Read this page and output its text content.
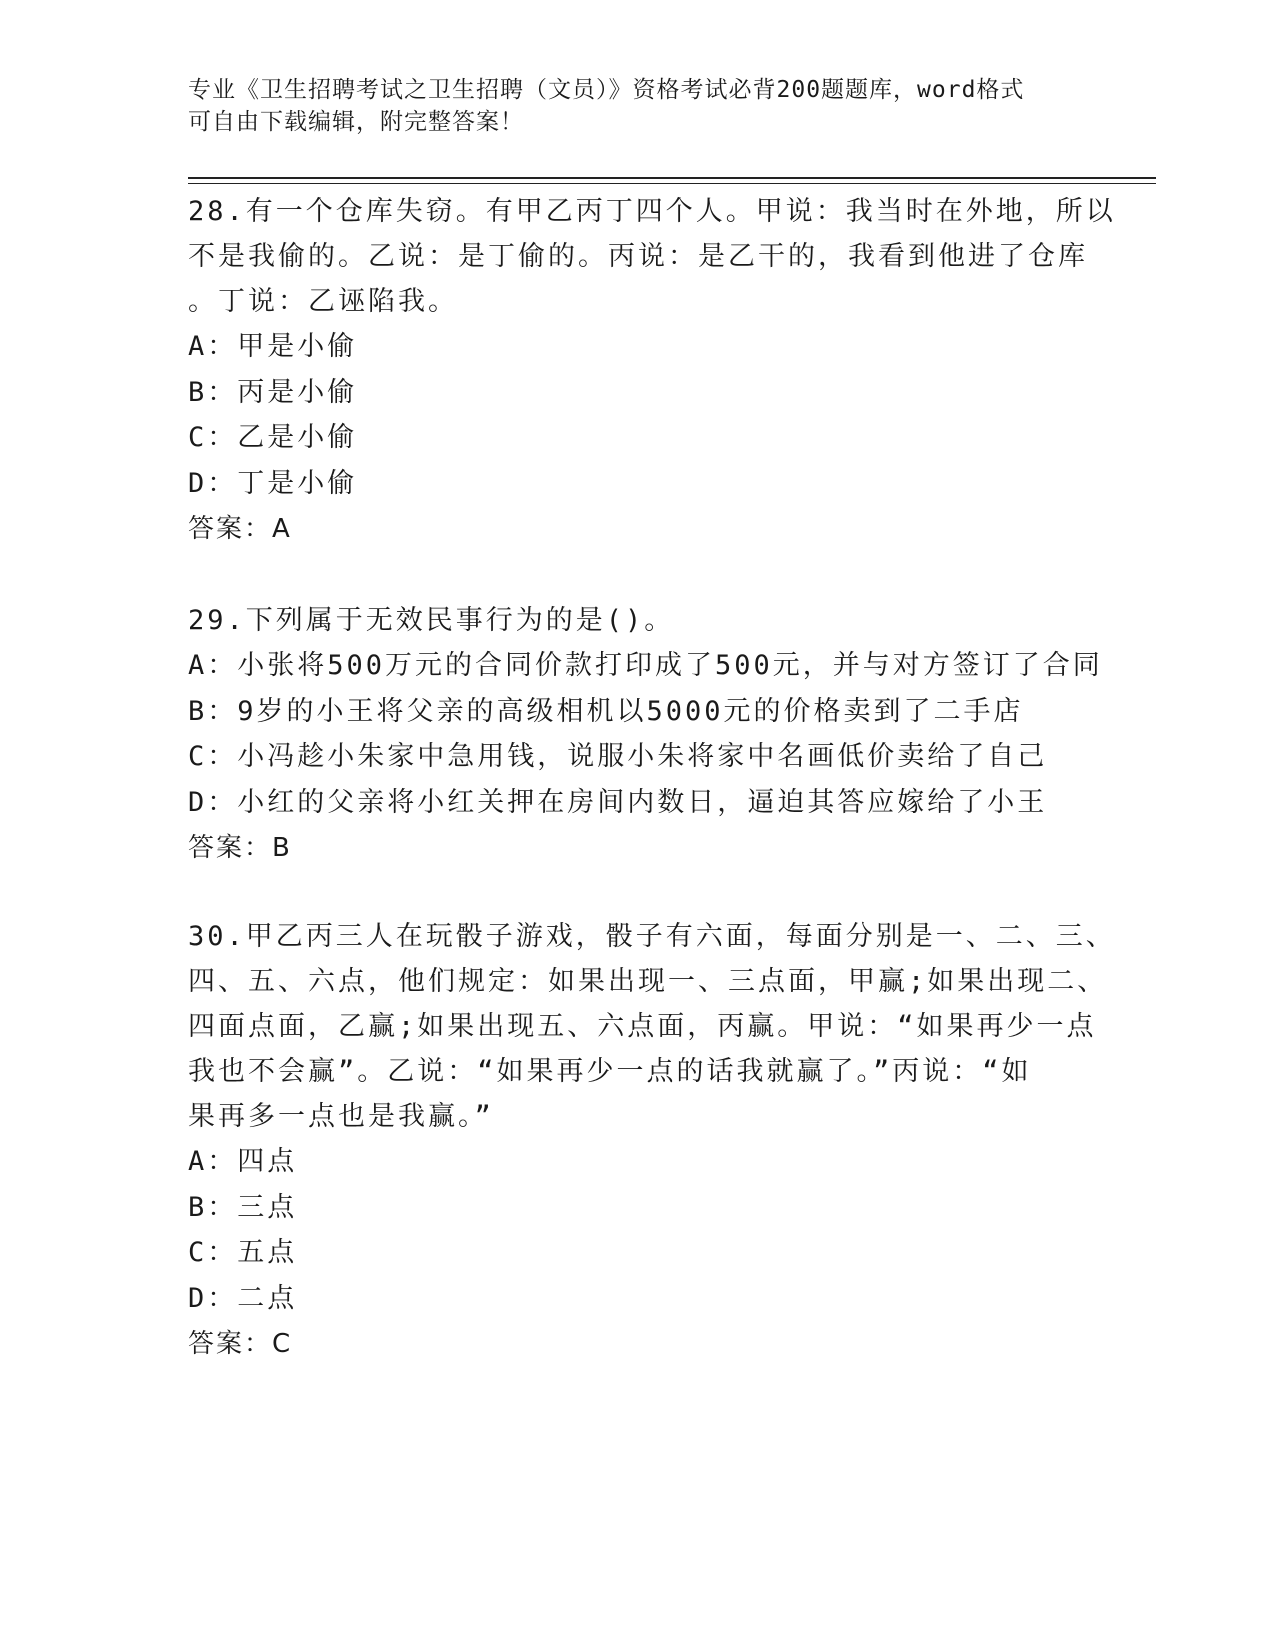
专业《卫生招聘考试之卫生招聘（文员）》资格考试必背200题题库，word格式
可自由下载编辑，附完整答案！
28.有一个仓库失窃。有甲乙丙丁四个人。甲说：我当时在外地，所以
不是我偷的。乙说：是丁偷的。丙说：是乙干的，我看到他进了仓库
。丁说：乙诬陷我。
A：甲是小偷
B：丙是小偷
C：乙是小偷
D：丁是小偷
答案：A
29.下列属于无效民事行为的是()。
A：小张将500万元的合同价款打印成了500元，并与对方签订了合同
B：9岁的小王将父亲的高级相机以5000元的价格卖到了二手店
C：小冯趁小朱家中急用钱，说服小朱将家中名画低价卖给了自己
D：小红的父亲将小红关押在房间内数日，逼迫其答应嫁给了小王
答案：B
30.甲乙丙三人在玩骰子游戏，骰子有六面，每面分别是一、二、三、
四、五、六点，他们规定：如果出现一、三点面，甲赢;如果出现二、
四面点面，乙赢;如果出现五、六点面，丙赢。甲说：“如果再少一点
我也不会赢”。乙说：“如果再少一点的话我就赢了。”丙说：“如
果再多一点也是我赢。”
A：四点
B：三点
C：五点
D：二点
答案：C
